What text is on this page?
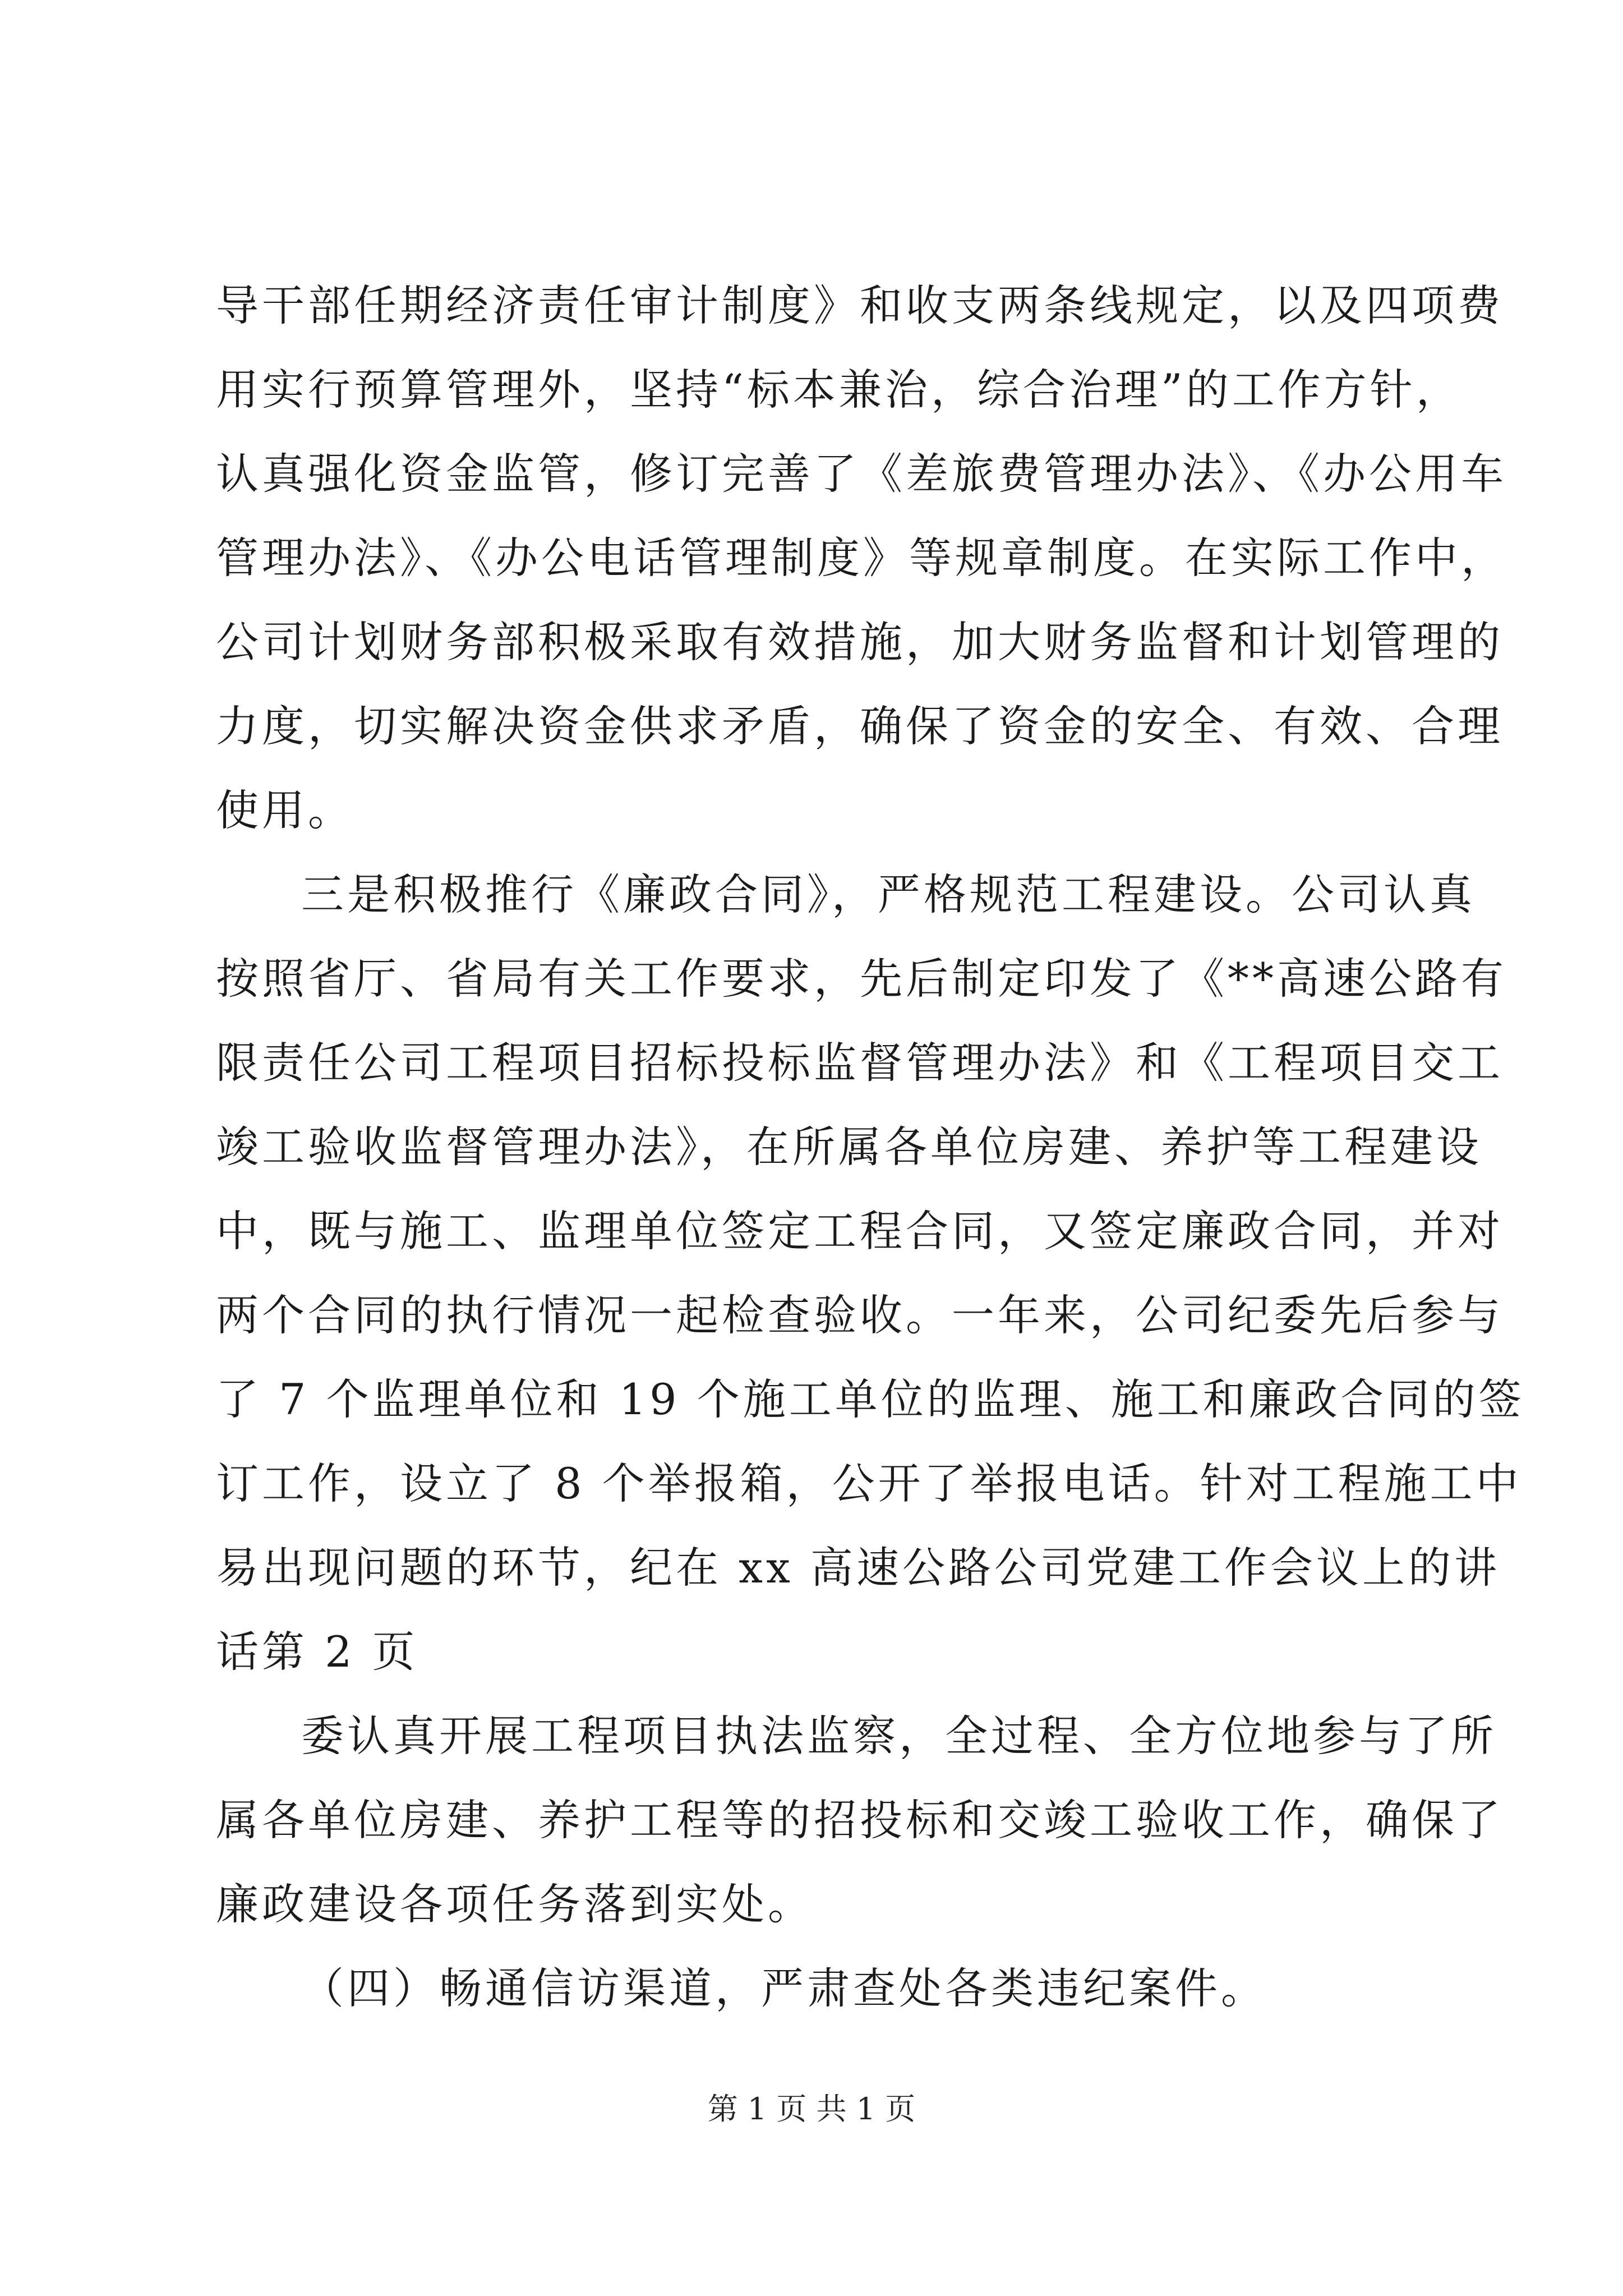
导干部任期经济责任审计制度》和收支两条线规定，以及四项费
用实行预算管理外，坚持“标本兼治，综合治理”的工作方针，
认真强化资金监管，修订完善了《差旅费管理办法》、《办公用车
管理办法》、《办公电话管理制度》等规章制度。在实际工作中，
公司计划财务部积极采取有效措施，加大财务监督和计划管理的
力度，切实解决资金供求矛盾，确保了资金的安全、有效、合理
使用。
三是积极推行《廉政合同》，严格规范工程建设。公司认真
按照省厅、省局有关工作要求，先后制定印发了《**高速公路有
限责任公司工程项目招标投标监督管理办法》和《工程项目交工
竣工验收监督管理办法》，在所属各单位房建、养护等工程建设
中，既与施工、监理单位签定工程合同，又签定廉政合同，并对
两个合同的执行情况一起检查验收。一年来，公司纪委先后参与
了 7 个监理单位和 19 个施工单位的监理、施工和廉政合同的签
订工作，设立了 8 个举报箱，公开了举报电话。针对工程施工中
易出现问题的环节，纪在 xx 高速公路公司党建工作会议上的讲
话第 2 页
委认真开展工程项目执法监察，全过程、全方位地参与了所
属各单位房建、养护工程等的招投标和交竣工验收工作，确保了
廉政建设各项任务落到实处。
（四）畅通信访渠道，严肃查处各类违纪案件。
第 1 页 共 1 页
